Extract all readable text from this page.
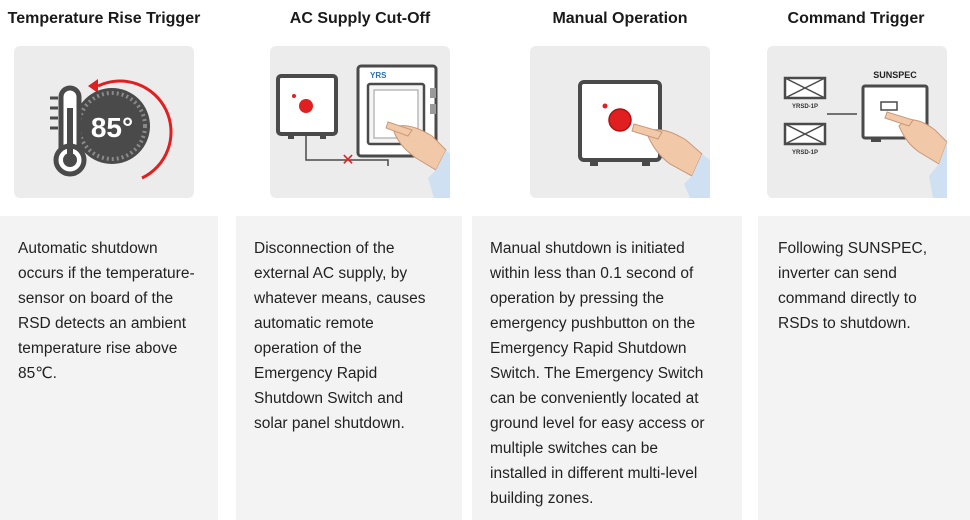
Temperature Rise Trigger
85°
Automatic shutdown
occurs if the temperature-
sensor on board of the
RSD detects an ambient
temperature rise above
85℃.
AC Supply Cut-Off
✕
YRS
Disconnection of the
external AC supply, by
whatever means, causes
automatic remote
operation of the
Emergency Rapid
Shutdown Switch and
solar panel shutdown.
Manual Operation
Manual shutdown is initiated
within less than 0.1 second of
operation by pressing the
emergency pushbutton on the
Emergency Rapid Shutdown
Switch. The Emergency Switch
can be conveniently located at
ground level for easy access or
multiple switches can be
installed in different multi-level
building zones.
Command Trigger
YRSD-1P
YRSD-1P
SUNSPEC
Following SUNSPEC,
inverter can send
command directly to
RSDs to shutdown.
